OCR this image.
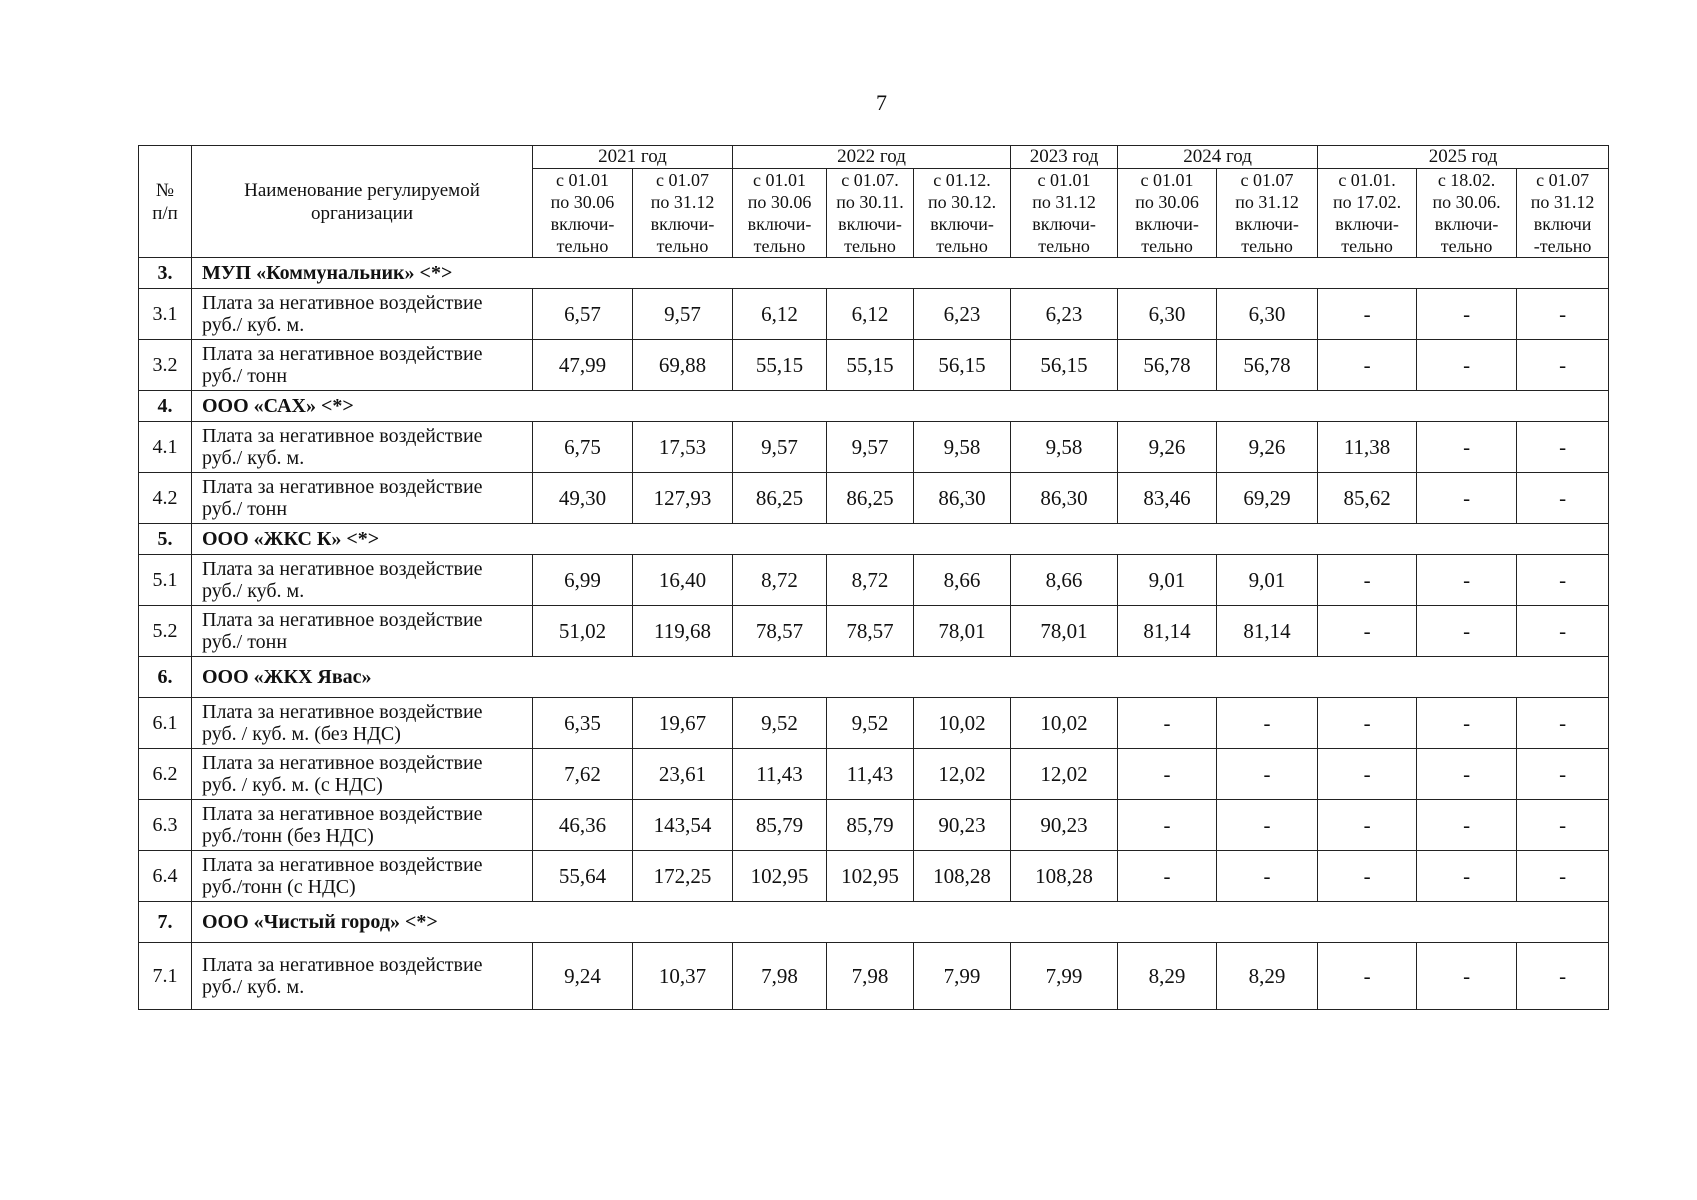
7
№
п/п	Наименование регулируемой
организации	2021 год		2022 год			2023 год	2024 год		2025 год		

		с 01.01
по 30.06
включи-
тельно	с 01.07
по 31.12
включи-
тельно	с 01.01
по 30.06
включи-
тельно	с 01.07.
по 30.11.
включи-
тельно	с 01.12.
по 30.12.
включи-
тельно	с 01.01
по 31.12
включи-
тельно	с 01.01
по 30.06
включи-
тельно	с 01.07
по 31.12
включи-
тельно	с 01.01.
по 17.02.
включи-
тельно	с 18.02.
по 30.06.
включи-
тельно	с 01.07
по 31.12
включи
-тельно

3.	МУП «Коммунальник» <*>											
3.1	Плата за негативное воздействие
руб./ куб. м.	6,57	9,57	6,12	6,12	6,23	6,23	6,30	6,30	-	-	-
3.2	Плата за негативное воздействие
руб./ тонн	47,99	69,88	55,15	55,15	56,15	56,15	56,78	56,78	-	-	-
4.	ООО «САХ» <*>											
4.1	Плата за негативное воздействие
руб./ куб. м.	6,75	17,53	9,57	9,57	9,58	9,58	9,26	9,26	11,38	-	-
4.2	Плата за негативное воздействие
руб./ тонн	49,30	127,93	86,25	86,25	86,30	86,30	83,46	69,29	85,62	-	-
5.	ООО «ЖКС К» <*>											
5.1	Плата за негативное воздействие
руб./ куб. м.	6,99	16,40	8,72	8,72	8,66	8,66	9,01	9,01	-	-	-
5.2	Плата за негативное воздействие
руб./ тонн	51,02	119,68	78,57	78,57	78,01	78,01	81,14	81,14	-	-	-
6.	ООО «ЖКХ Явас»											
6.1	Плата за негативное воздействие
руб. / куб. м. (без НДС)	6,35	19,67	9,52	9,52	10,02	10,02	-	-	-	-	-
6.2	Плата за негативное воздействие
руб. / куб. м. (с НДС)	7,62	23,61	11,43	11,43	12,02	12,02	-	-	-	-	-
6.3	Плата за негативное воздействие
руб./тонн (без НДС)	46,36	143,54	85,79	85,79	90,23	90,23	-	-	-	-	-
6.4	Плата за негативное воздействие
руб./тонн (с НДС)	55,64	172,25	102,95	102,95	108,28	108,28	-	-	-	-	-
7.	ООО «Чистый город» <*>											
7.1	Плата за негативное воздействие
руб./ куб. м.	9,24	10,37	7,98	7,98	7,99	7,99	8,29	8,29	-	-	-
